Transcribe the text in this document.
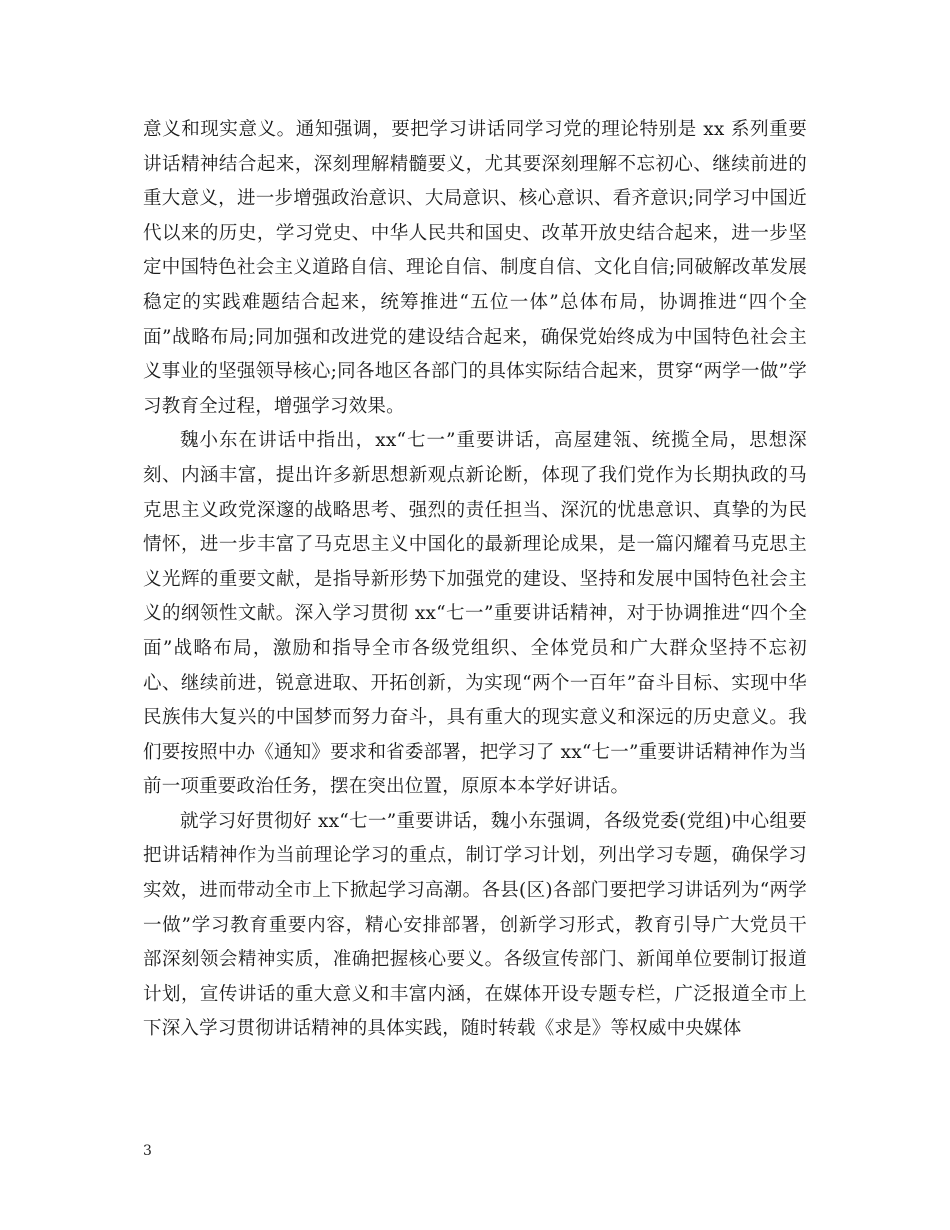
意义和现实意义。通知强调，要把学习讲话同学习党的理论特别是 xx 系列重要讲话精神结合起来，深刻理解精髓要义，尤其要深刻理解不忘初心、继续前进的重大意义，进一步增强政治意识、大局意识、核心意识、看齐意识;同学习中国近代以来的历史，学习党史、中华人民共和国史、改革开放史结合起来，进一步坚定中国特色社会主义道路自信、理论自信、制度自信、文化自信;同破解改革发展稳定的实践难题结合起来，统筹推进“五位一体”总体布局，协调推进“四个全面”战略布局;同加强和改进党的建设结合起来，确保党始终成为中国特色社会主义事业的坚强领导核心;同各地区各部门的具体实际结合起来，贯穿“两学一做”学习教育全过程，增强学习效果。

魏小东在讲话中指出，xx“七一”重要讲话，高屋建瓴、统揽全局，思想深刻、内涵丰富，提出许多新思想新观点新论断，体现了我们党作为长期执政的马克思主义政党深邃的战略思考、强烈的责任担当、深沉的忧患意识、真挚的为民情怀，进一步丰富了马克思主义中国化的最新理论成果，是一篇闪耀着马克思主义光辉的重要文献，是指导新形势下加强党的建设、坚持和发展中国特色社会主义的纲领性文献。深入学习贯彻 xx“七一”重要讲话精神，对于协调推进“四个全面”战略布局，激励和指导全市各级党组织、全体党员和广大群众坚持不忘初心、继续前进，锐意进取、开拓创新，为实现“两个一百年”奋斗目标、实现中华民族伟大复兴的中国梦而努力奋斗，具有重大的现实意义和深远的历史意义。我们要按照中办《通知》要求和省委部署，把学习了 xx“七一”重要讲话精神作为当前一项重要政治任务，摆在突出位置，原原本本学好讲话。

就学习好贯彻好 xx“七一”重要讲话，魏小东强调，各级党委(党组)中心组要把讲话精神作为当前理论学习的重点，制订学习计划，列出学习专题，确保学习实效，进而带动全市上下掀起学习高潮。各县(区)各部门要把学习讲话列为“两学一做”学习教育重要内容，精心安排部署，创新学习形式，教育引导广大党员干部深刻领会精神实质，准确把握核心要义。各级宣传部门、新闻单位要制订报道计划，宣传讲话的重大意义和丰富内涵，在媒体开设专题专栏，广泛报道全市上下深入学习贯彻讲话精神的具体实践，随时转载《求是》等权威中央媒体

3
